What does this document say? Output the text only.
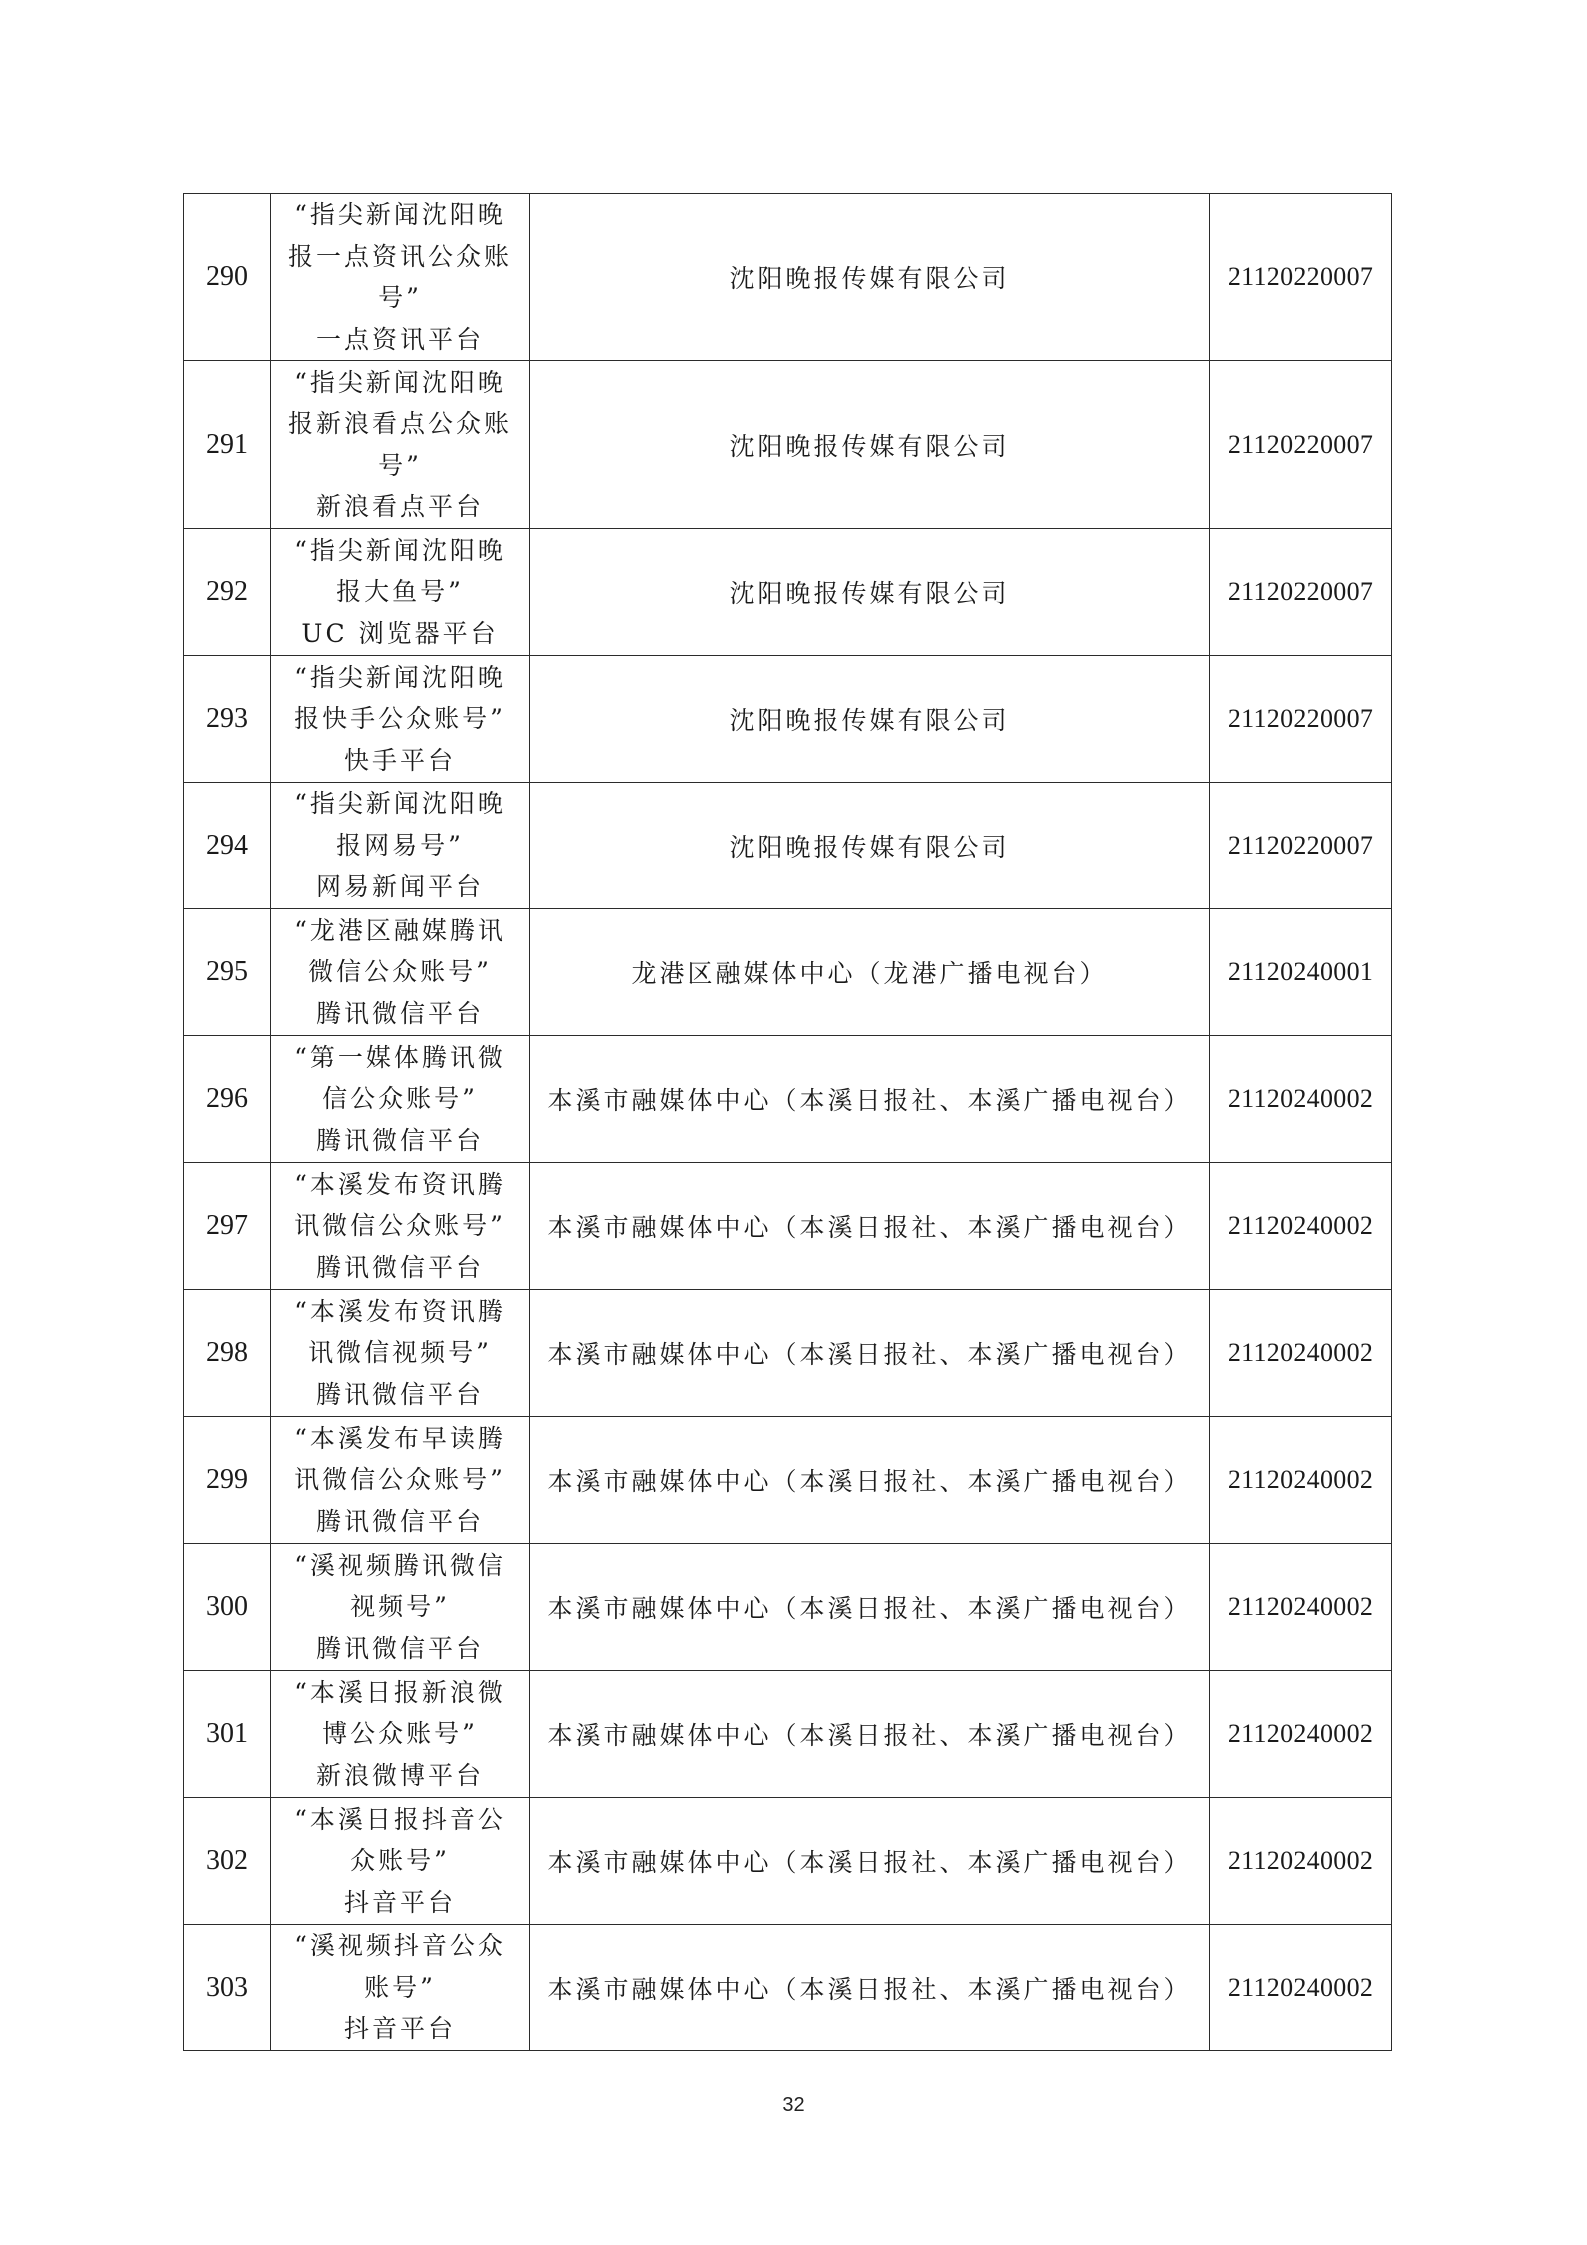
290	“指尖新闻沈阳晚
报一点资讯公众账
号”
一点资讯平台	沈阳晚报传媒有限公司	21120220007
291	“指尖新闻沈阳晚
报新浪看点公众账
号”
新浪看点平台	沈阳晚报传媒有限公司	21120220007
292	“指尖新闻沈阳晚
报大鱼号”
UC 浏览器平台	沈阳晚报传媒有限公司	21120220007
293	“指尖新闻沈阳晚
报快手公众账号”
快手平台	沈阳晚报传媒有限公司	21120220007
294	“指尖新闻沈阳晚
报网易号”
网易新闻平台	沈阳晚报传媒有限公司	21120220007
295	“龙港区融媒腾讯
微信公众账号”
腾讯微信平台	龙港区融媒体中心（龙港广播电视台）	21120240001
296	“第一媒体腾讯微
信公众账号”
腾讯微信平台	本溪市融媒体中心（本溪日报社、本溪广播电视台）	21120240002
297	“本溪发布资讯腾
讯微信公众账号”
腾讯微信平台	本溪市融媒体中心（本溪日报社、本溪广播电视台）	21120240002
298	“本溪发布资讯腾
讯微信视频号”
腾讯微信平台	本溪市融媒体中心（本溪日报社、本溪广播电视台）	21120240002
299	“本溪发布早读腾
讯微信公众账号”
腾讯微信平台	本溪市融媒体中心（本溪日报社、本溪广播电视台）	21120240002
300	“溪视频腾讯微信
视频号”
腾讯微信平台	本溪市融媒体中心（本溪日报社、本溪广播电视台）	21120240002
301	“本溪日报新浪微
博公众账号”
新浪微博平台	本溪市融媒体中心（本溪日报社、本溪广播电视台）	21120240002
302	“本溪日报抖音公
众账号”
抖音平台	本溪市融媒体中心（本溪日报社、本溪广播电视台）	21120240002
303	“溪视频抖音公众
账号”
抖音平台	本溪市融媒体中心（本溪日报社、本溪广播电视台）	21120240002
32
